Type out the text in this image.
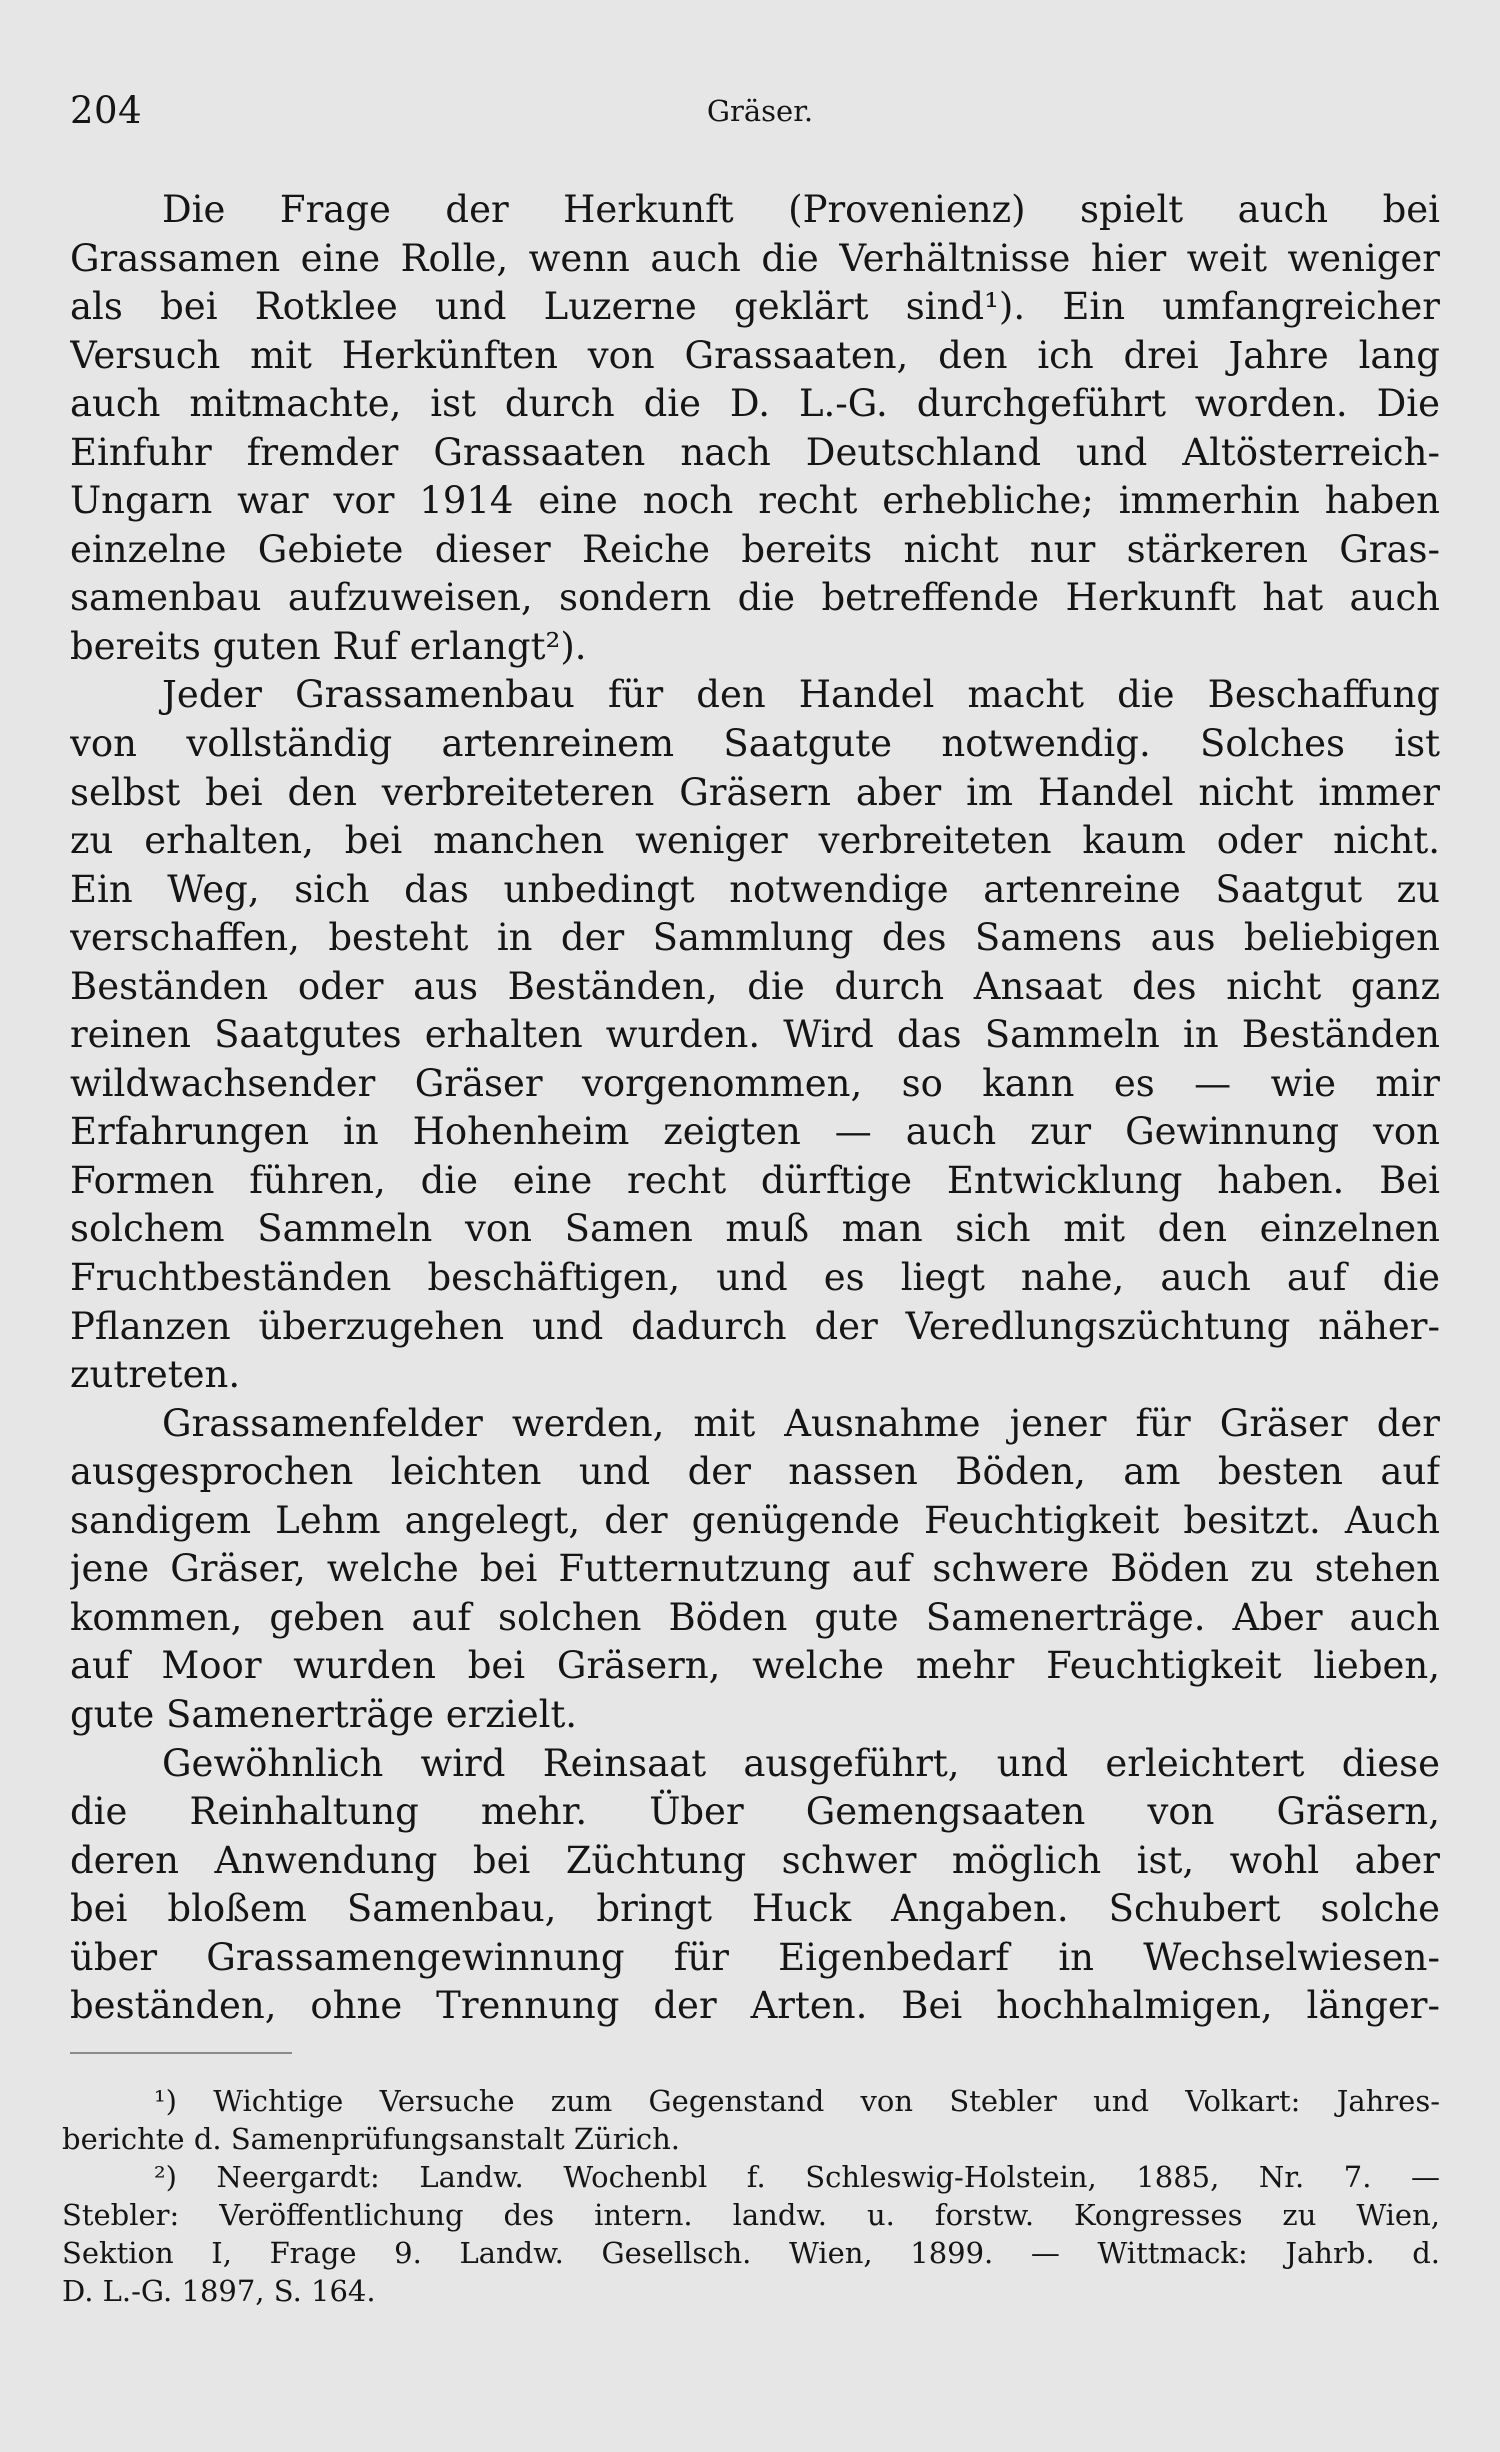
204	Gräser.
Die Frage der Herkunft (Provenienz) spielt auch bei
Grassamen eine Rolle, wenn auch die Verhältnisse hier weit weniger
als bei Rotklee und Luzerne geklärt sind¹). Ein umfangreicher
Versuch mit Herkünften von Grassaaten, den ich drei Jahre lang
auch mitmachte, ist durch die D. L.-G. durchgeführt worden. Die
Einfuhr fremder Grassaaten nach Deutschland und Altösterreich-
Ungarn war vor 1914 eine noch recht erhebliche; immerhin haben
einzelne Gebiete dieser Reiche bereits nicht nur stärkeren Gras-
samenbau aufzuweisen, sondern die betreffende Herkunft hat auch
bereits guten Ruf erlangt²).
Jeder Grassamenbau für den Handel macht die Beschaffung
von vollständig artenreinem Saatgute notwendig. Solches ist
selbst bei den verbreiteteren Gräsern aber im Handel nicht immer
zu erhalten, bei manchen weniger verbreiteten kaum oder nicht.
Ein Weg, sich das unbedingt notwendige artenreine Saatgut zu
verschaffen, besteht in der Sammlung des Samens aus beliebigen
Beständen oder aus Beständen, die durch Ansaat des nicht ganz
reinen Saatgutes erhalten wurden. Wird das Sammeln in Beständen
wildwachsender Gräser vorgenommen, so kann es — wie mir
Erfahrungen in Hohenheim zeigten — auch zur Gewinnung von
Formen führen, die eine recht dürftige Entwicklung haben. Bei
solchem Sammeln von Samen muß man sich mit den einzelnen
Fruchtbeständen beschäftigen, und es liegt nahe, auch auf die
Pflanzen überzugehen und dadurch der Veredlungszüchtung näher-
zutreten.
Grassamenfelder werden, mit Ausnahme jener für Gräser der
ausgesprochen leichten und der nassen Böden, am besten auf
sandigem Lehm angelegt, der genügende Feuchtigkeit besitzt. Auch
jene Gräser, welche bei Futternutzung auf schwere Böden zu stehen
kommen, geben auf solchen Böden gute Samenerträge. Aber auch
auf Moor wurden bei Gräsern, welche mehr Feuchtigkeit lieben,
gute Samenerträge erzielt.
Gewöhnlich wird Reinsaat ausgeführt, und erleichtert diese
die Reinhaltung mehr. Über Gemengsaaten von Gräsern,
deren Anwendung bei Züchtung schwer möglich ist, wohl aber
bei bloßem Samenbau, bringt Huck Angaben. Schubert solche
über Grassamengewinnung für Eigenbedarf in Wechselwiesen-
beständen, ohne Trennung der Arten. Bei hochhalmigen, länger-
¹) Wichtige Versuche zum Gegenstand von Stebler und Volkart: Jahres-
berichte d. Samenprüfungsanstalt Zürich.
²) Neergardt: Landw. Wochenbl f. Schleswig-Holstein, 1885, Nr. 7. —
Stebler: Veröffentlichung des intern. landw. u. forstw. Kongresses zu Wien,
Sektion I, Frage 9. Landw. Gesellsch. Wien, 1899. — Wittmack: Jahrb. d.
D. L.-G. 1897, S. 164.
